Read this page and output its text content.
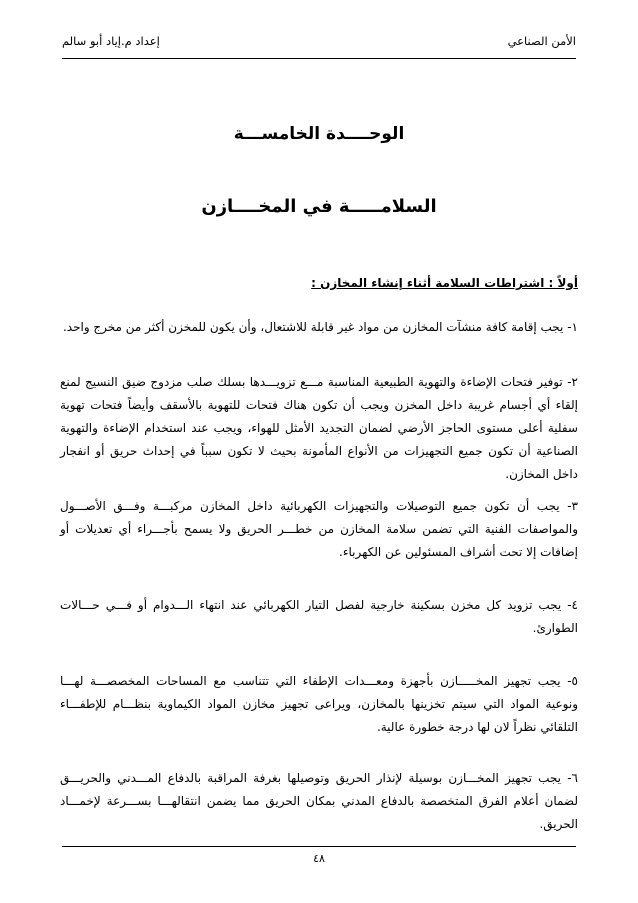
الأمن الصناعي
إعداد م.إياد أبو سالم
الوحــــدة الخامســـة
السلامـــــة في المخــــازن
أولاً : اشتراطات السلامة أثناء إنشاء المخازن :

١- يجب إقامة كافة منشآت المخازن من مواد غير قابلة للاشتعال، وأن يكون للمخزن أكثر من مخرج واحد.

٢- توفير فتحات الإضاءة والتهوية الطبيعية المناسبة مـــع تزويـــدها بسلك صلب مزدوج ضيق النسيج لمنع إلقاء أي أجسام غريبة داخل المخزن ويجب أن تكون هناك فتحات للتهوية بالأسقف وأيضاً فتحات تهوية سفلية أعلى مستوى الحاجز الأرضي لضمان التجديد الأمثل للهواء، ويجب عند استخدام الإضاءة والتهوية الصناعية أن تكون جميع التجهيزات من الأنواع المأمونة بحيث لا تكون سبباً في إحداث حريق أو انفجار داخل المخازن.

٣- يجب أن تكون جميع التوصيلات والتجهيزات الكهربائية داخل المخازن مركبـــة وفـــق الأصـــول والمواصفات الفنية التي تضمن سلامة المخازن من خطـــر الحريق ولا يسمح بأجـــراء أي تعديلات أو إضافات إلا تحت أشراف المسئولين عن الكهرباء.

٤- يجب تزويد كل مخزن بسكينة خارجية لفصل التيار الكهربائي عند انتهاء الـــدوام أو فـــي حـــالات الطوارئ.

٥- يجب تجهيز المخـــــازن بأجهزة ومعـــدات الإطفاء التي تتناسب مع المساحات المخصصـــة لهـــا ونوعية المواد التي سيتم تخزينها بالمخازن، ويراعى تجهيز مخازن المواد الكيماوية بنظـــام للإطفـــاء التلقائي نظراً لان لها درجة خطورة عالية.

٦- يجب تجهيز المخـــازن بوسيلة لإنذار الحريق وتوصيلها بغرفة المراقبة بالدفاع المـــدني والحريـــق لضمان أعلام الفرق المتخصصة بالدفاع المدني بمكان الحريق مما يضمن انتقالهـــا بســـرعة لإخمـــاد الحريق.

٤٨
